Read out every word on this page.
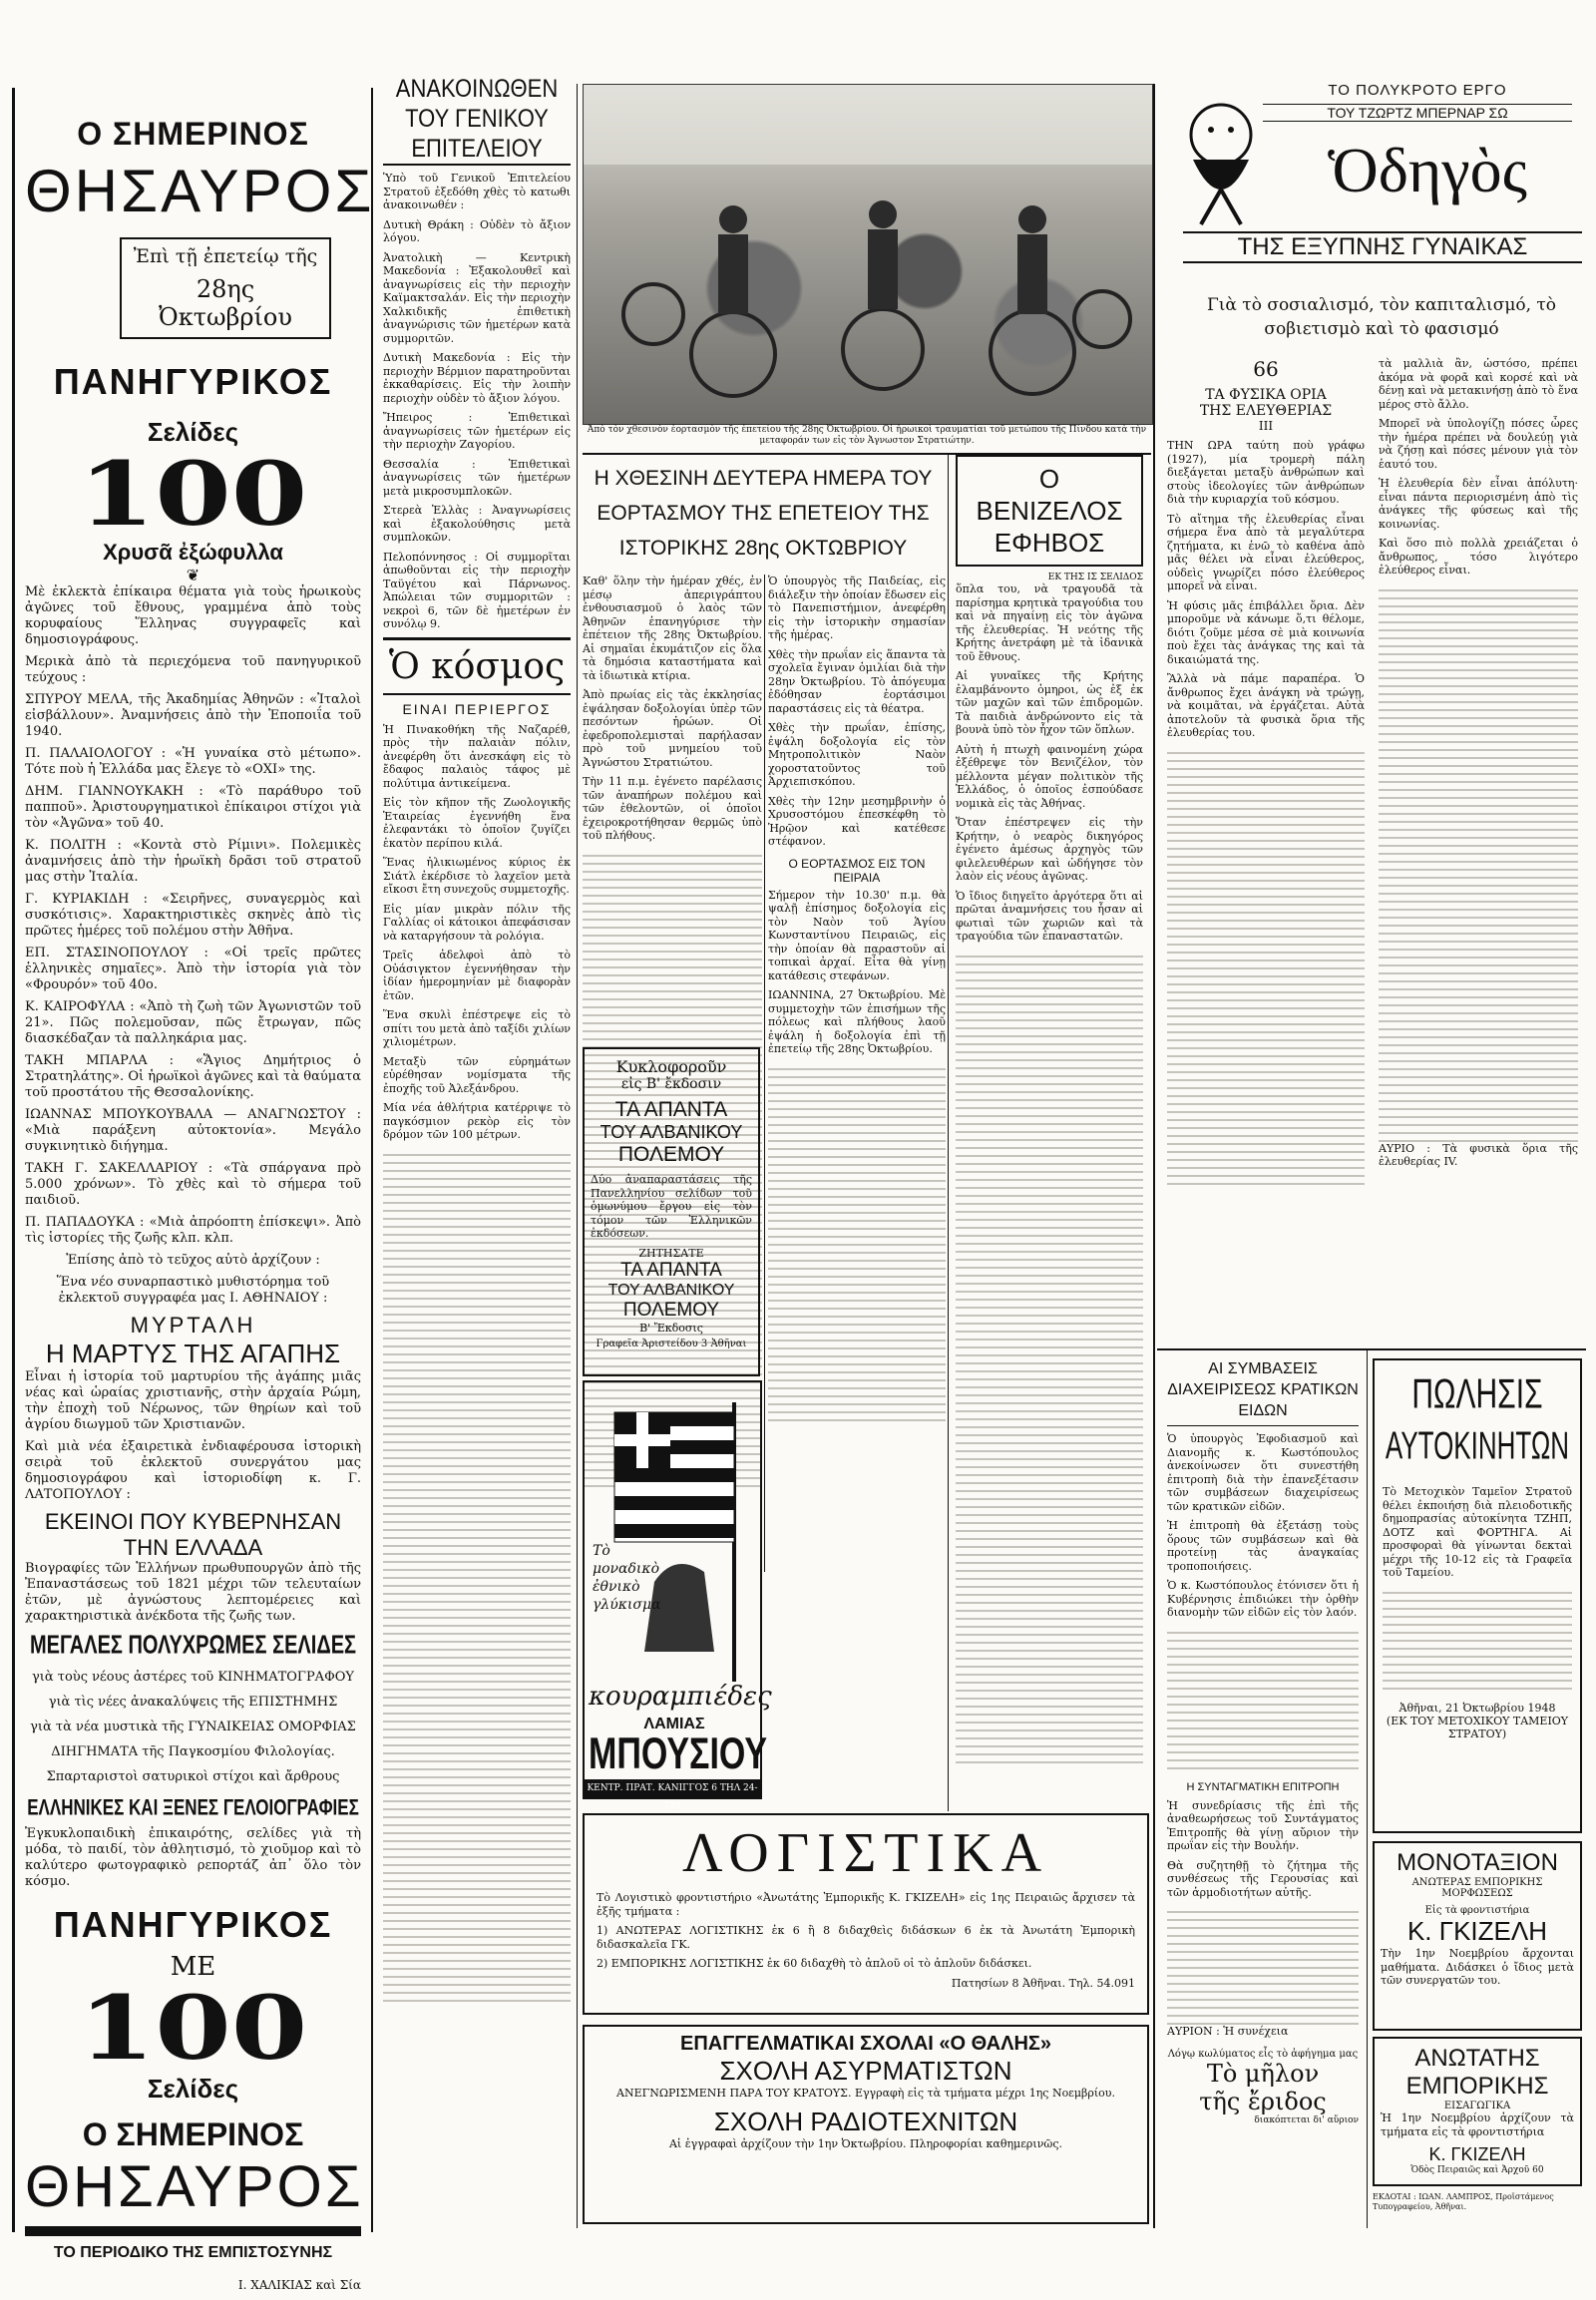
Ο ΣΗΜΕΡΙΝΟΣ
ΘΗΣΑΥΡΟΣ
Ἐπὶ τῇ ἐπετείῳ τῆς
28ης Ὀκτωβρίου
ΠΑΝΗΓΥΡΙΚΟΣ
Σελίδες
100
Χρυσᾶ ἐξώφυλλα
❦

Μὲ ἐκλεκτὰ ἐπίκαιρα θέματα γιὰ τοὺς ἡρωικοὺς ἀγῶνες τοῦ ἔθνους, γραμμένα ἀπὸ τοὺς κορυφαίους Ἕλληνας συγγραφεῖς καὶ δημοσιογράφους.

Μερικὰ ἀπὸ τὰ περιεχόμενα τοῦ πανηγυρικοῦ τεύχους :

ΣΠΥΡΟΥ ΜΕΛΑ, τῆς Ἀκαδημίας Ἀθηνῶν : «Ἰταλοὶ εἰσβάλλουν». Ἀναμνήσεις ἀπὸ τὴν Ἐποποιΐα τοῦ 1940.

Π. ΠΑΛΑΙΟΛΟΓΟΥ : «Ἡ γυναίκα στὸ μέτωπο». Τότε ποὺ ἡ Ἑλλάδα μας ἔλεγε τὸ «ΟΧΙ» της.

ΔΗΜ. ΓΙΑΝΝΟΥΚΑΚΗ : «Τὸ παράθυρο τοῦ παπποῦ». Ἀριστουργηματικοὶ ἐπίκαιροι στίχοι γιὰ τὸν «Ἀγῶνα» τοῦ 40.

Κ. ΠΟΛΙΤΗ : «Κοντὰ στὸ Ρίμινι». Πολεμικὲς ἀναμνήσεις ἀπὸ τὴν ἡρωϊκὴ δρᾶσι τοῦ στρατοῦ μας στὴν Ἰταλία.

Γ. ΚΥΡΙΑΚΙΔΗ : «Σειρῆνες, συναγερμὸς καὶ συσκότισις». Χαρακτηριστικὲς σκηνὲς ἀπὸ τὶς πρῶτες ἡμέρες τοῦ πολέμου στὴν Ἀθῆνα.

ΕΠ. ΣΤΑΣΙΝΟΠΟΥΛΟΥ : «Οἱ τρεῖς πρῶτες ἑλληνικὲς σημαῖες». Ἀπὸ τὴν ἱστορία γιὰ τὸν «Φρουρόν» τοῦ 40ο.

Κ. ΚΑΙΡΟΦΥΛΑ : «Ἀπὸ τὴ ζωὴ τῶν Ἀγωνιστῶν τοῦ 21». Πῶς πολεμοῦσαν, πῶς ἔτρωγαν, πῶς διασκέδαζαν τὰ παλληκάρια μας.

ΤΑΚΗ ΜΠΑΡΛΑ : «Ἅγιος Δημήτριος ὁ Στρατηλάτης». Οἱ ἡρωϊκοὶ ἀγῶνες καὶ τὰ θαύματα τοῦ προστάτου τῆς Θεσσαλονίκης.

ΙΩΑΝΝΑΣ ΜΠΟΥΚΟΥΒΑΛΑ — ΑΝΑΓΝΩΣΤΟΥ : «Μιὰ παράξενη αὐτοκτονία». Μεγάλο συγκινητικὸ διήγημα.

ΤΑΚΗ Γ. ΣΑΚΕΛΛΑΡΙΟΥ : «Τὰ σπάργανα πρὸ 5.000 χρόνων». Τὸ χθὲς καὶ τὸ σήμερα τοῦ παιδιοῦ.

Π. ΠΑΠΑΔΟΥΚΑ : «Μιὰ ἀπρόοπτη ἐπίσκεψι». Ἀπὸ τὶς ἱστορίες τῆς ζωῆς κλπ. κλπ.

Ἐπίσης ἀπὸ τὸ τεῦχος αὐτὸ ἀρχίζουν :

Ἕνα νέο συναρπαστικὸ μυθιστόρημα τοῦ ἐκλεκτοῦ συγγραφέα μας Ι. ΑΘΗΝΑΙΟΥ :

ΜΥΡΤΑΛΗ
Η ΜΑΡΤΥΣ ΤΗΣ ΑΓΑΠΗΣ

Εἶναι ἡ ἱστορία τοῦ μαρτυρίου τῆς ἀγάπης μιᾶς νέας καὶ ὡραίας χριστιανῆς, στὴν ἀρχαία Ρώμη, τὴν ἐποχὴ τοῦ Νέρωνος, τῶν θηρίων καὶ τοῦ ἀγρίου διωγμοῦ τῶν Χριστιανῶν.

Καὶ μιὰ νέα ἐξαιρετικὰ ἐνδιαφέρουσα ἱστορικὴ σειρὰ τοῦ ἐκλεκτοῦ συνεργάτου μας δημοσιογράφου καὶ ἱστοριοδίφη κ. Γ. ΛΑΤΟΠΟΥΛΟΥ :

ΕΚΕΙΝΟΙ ΠΟΥ ΚΥΒΕΡΝΗΣΑΝ ΤΗΝ ΕΛΛΑΔΑ

Βιογραφίες τῶν Ἑλλήνων πρωθυπουργῶν ἀπὸ τῆς Ἐπαναστάσεως τοῦ 1821 μέχρι τῶν τελευταίων ἐτῶν, μὲ ἀγνώστους λεπτομέρειες καὶ χαρακτηριστικὰ ἀνέκδοτα τῆς ζωῆς των.

ΜΕΓΑΛΕΣ ΠΟΛΥΧΡΩΜΕΣ ΣΕΛΙΔΕΣ

γιὰ τοὺς νέους ἀστέρες τοῦ ΚΙΝΗΜΑΤΟΓΡΑΦΟΥ

γιὰ τὶς νέες ἀνακαλύψεις τῆς ΕΠΙΣΤΗΜΗΣ

γιὰ τὰ νέα μυστικὰ τῆς ΓΥΝΑΙΚΕΙΑΣ ΟΜΟΡΦΙΑΣ

ΔΙΗΓΗΜΑΤΑ τῆς Παγκοσμίου Φιλολογίας.

Σπαρταριστοὶ σατυρικοὶ στίχοι καὶ ἄρθρους

ΕΛΛΗΝΙΚΕΣ ΚΑΙ ΞΕΝΕΣ ΓΕΛΟΙΟΓΡΑΦΙΕΣ

Ἐγκυκλοπαιδικὴ ἐπικαιρότης, σελίδες γιὰ τὴ μόδα, τὸ παιδί, τὸν ἀθλητισμό, τὸ χιοῦμορ καὶ τὸ καλύτερο φωτογραφικὸ ρεπορτάζ ἀπ᾽ ὅλο τὸν κόσμο.

ΠΑΝΗΓΥΡΙΚΟΣ
ΜΕ
100
Σελίδες
Ο ΣΗΜΕΡΙΝΟΣ
ΘΗΣΑΥΡΟΣ
ΤΟ ΠΕΡΙΟΔΙΚΟ ΤΗΣ ΕΜΠΙΣΤΟΣΥΝΗΣ
Ι. ΧΑΛΙΚΙΑΣ καὶ Σία
ΑΝΑΚΟΙΝΩΘΕΝ ΤΟΥ ΓΕΝΙΚΟΥ ΕΠΙΤΕΛΕΙΟΥ

Ὑπὸ τοῦ Γενικοῦ Ἐπιτελείου Στρατοῦ ἐξεδόθη χθὲς τὸ κατωθι ἀνακοινωθέν :

Δυτικὴ Θράκη : Οὐδὲν τὸ ἄξιον λόγου.

Ἀνατολικὴ — Κεντρικὴ Μακεδονία : Ἐξακολουθεῖ καὶ ἀναγνωρίσεις εἰς τὴν περιοχὴν Καϊμακτσαλάν. Εἰς τὴν περιοχὴν Χαλκιδικῆς ἐπιθετικὴ ἀναγνώρισις τῶν ἡμετέρων κατὰ συμμοριτῶν.

Δυτικὴ Μακεδονία : Εἰς τὴν περιοχὴν Βέρμιον παρατηροῦνται ἐκκαθαρίσεις. Εἰς τὴν λοιπὴν περιοχὴν οὐδὲν τὸ ἄξιον λόγου.

Ἤπειρος : Ἐπιθετικαὶ ἀναγνωρίσεις τῶν ἡμετέρων εἰς τὴν περιοχὴν Ζαγορίου.

Θεσσαλία : Ἐπιθετικαὶ ἀναγνωρίσεις τῶν ἡμετέρων μετὰ μικροσυμπλοκῶν.

Στερεὰ Ἑλλὰς : Ἀναγνωρίσεις καὶ ἐξακολούθησις μετὰ συμπλοκῶν.

Πελοπόννησος : Οἱ συμμορῖται ἀπωθοῦνται εἰς τὴν περιοχὴν Ταϋγέτου καὶ Πάρνωνος. Ἀπώλειαι τῶν συμμοριτῶν : νεκροὶ 6, τῶν δὲ ἡμετέρων ἐν συνόλῳ 9.

Ὁ κόσμος
ΕΙΝΑΙ ΠΕΡΙΕΡΓΟΣ

Ἡ Πινακοθήκη τῆς Ναζαρέθ, πρὸς τὴν παλαιὰν πόλιν, ἀνεφέρθη ὅτι ἀνεσκάφη εἰς τὸ ἔδαφος παλαιὸς τάφος μὲ πολύτιμα ἀντικείμενα.

Εἰς τὸν κῆπον τῆς Ζωολογικῆς Ἑταιρείας ἐγεννήθη ἕνα ἐλεφαντάκι τὸ ὁποῖον ζυγίζει ἑκατὸν περίπου κιλά.

Ἕνας ἠλικιωμένος κύριος ἐκ Σιάτλ ἐκέρδισε τὸ λαχεῖον μετὰ εἴκοσι ἔτη συνεχοῦς συμμετοχῆς.

Εἰς μίαν μικρὰν πόλιν τῆς Γαλλίας οἱ κάτοικοι ἀπεφάσισαν νὰ καταργήσουν τὰ ρολόγια.

Τρεῖς ἀδελφοὶ ἀπὸ τὸ Οὐάσιγκτον ἐγεννήθησαν τὴν ἰδίαν ἡμερομηνίαν μὲ διαφορὰν ἐτῶν.

Ἕνα σκυλὶ ἐπέστρεψε εἰς τὸ σπίτι του μετὰ ἀπὸ ταξίδι χιλίων χιλιομέτρων.

Μεταξὺ τῶν εὑρημάτων εὑρέθησαν νομίσματα τῆς ἐποχῆς τοῦ Ἀλεξάνδρου.

Μία νέα ἀθλήτρια κατέρριψε τὸ παγκόσμιον ρεκὸρ εἰς τὸν δρόμον τῶν 100 μέτρων.

Ἀπὸ τὸν χθεσινὸν ἑορτασμὸν τῆς ἐπετείου τῆς 28ης Ὀκτωβρίου. Οἱ ἡρωικοὶ τραυματίαι τοῦ μετώπου τῆς Πίνδου κατὰ τὴν μεταφοράν των εἰς τὸν Ἀγνωστον Στρατιώτην.
Η ΧΘΕΣΙΝΗ ΔΕΥΤΕΡΑ ΗΜΕΡΑ ΤΟΥ ΕΟΡΤΑΣΜΟΥ ΤΗΣ ΕΠΕΤΕΙΟΥ ΤΗΣ ΙΣΤΟΡΙΚΗΣ 28ης ΟΚΤΩΒΡΙΟΥ

Καθ' ὅλην τὴν ἡμέραν χθές, ἐν μέσῳ ἀπεριγράπτου ἐνθουσιασμοῦ ὁ λαὸς τῶν Ἀθηνῶν ἐπανηγύρισε τὴν ἐπέτειον τῆς 28ης Ὀκτωβρίου. Αἱ σημαῖαι ἐκυμάτιζον εἰς ὅλα τὰ δημόσια καταστήματα καὶ τὰ ἰδιωτικὰ κτίρια.

Ἀπὸ πρωίας εἰς τὰς ἐκκλησίας ἐψάλησαν δοξολογίαι ὑπὲρ τῶν πεσόντων ἡρώων. Οἱ ἐφεδροπολεμισταὶ παρήλασαν πρὸ τοῦ μνημείου τοῦ Ἀγνώστου Στρατιώτου.

Τὴν 11 π.μ. ἐγένετο παρέλασις τῶν ἀναπήρων πολέμου καὶ τῶν ἐθελοντῶν, οἱ ὁποῖοι ἐχειροκροτήθησαν θερμῶς ὑπὸ τοῦ πλήθους.

Ὁ ὑπουργὸς τῆς Παιδείας, εἰς διάλεξιν τὴν ὁποίαν ἔδωσεν εἰς τὸ Πανεπιστήμιον, ἀνεφέρθη εἰς τὴν ἱστορικὴν σημασίαν τῆς ἡμέρας.

Χθὲς τὴν πρωΐαν εἰς ἅπαντα τὰ σχολεῖα ἔγιναν ὁμιλίαι διὰ τὴν 28ην Ὀκτωβρίου. Τὸ ἀπόγευμα ἐδόθησαν ἑορτάσιμοι παραστάσεις εἰς τὰ θέατρα.

Χθὲς τὴν πρωΐαν, ἐπίσης, ἐψάλη δοξολογία εἰς τὸν Μητροπολιτικὸν Ναὸν χοροστατοῦντος τοῦ Ἀρχιεπισκόπου.

Χθὲς τὴν 12ην μεσημβρινὴν ὁ Χρυσοστόμου ἐπεσκέφθη τὸ Ἡρῷον καὶ κατέθεσε στέφανον.

Ο ΕΟΡΤΑΣΜΟΣ ΕΙΣ ΤΟΝ ΠΕΙΡΑΙΑ

Σήμερον τὴν 10.30' π.μ. θὰ ψαλῇ ἐπίσημος δοξολογία εἰς τὸν Ναὸν τοῦ Ἁγίου Κωνσταντίνου Πειραιῶς, εἰς τὴν ὁποίαν θὰ παραστοῦν αἱ τοπικαὶ ἀρχαί. Εἶτα θὰ γίνῃ κατάθεσις στεφάνων.

ΙΩΑΝΝΙΝΑ, 27 Ὀκτωβρίου. Μὲ συμμετοχὴν τῶν ἐπισήμων τῆς πόλεως καὶ πλήθους λαοῦ ἐψάλη ἡ δοξολογία ἐπὶ τῇ ἐπετείῳ τῆς 28ης Ὀκτωβρίου.

Κυκλοφοροῦν
εἰς Β' ἔκδοσιν
ΤΑ ΑΠΑΝΤΑ
ΤΟΥ ΑΛΒΑΝΙΚΟΥ
ΠΟΛΕΜΟΥ

Δύο ἀναπαραστάσεις τῆς Πανελληνίου σελίδων τοῦ ὁμωνύμου ἔργου εἰς τὸν τόμον τῶν Ἑλληνικῶν ἐκδόσεων.

ΖΗΤΗΣΑΤΕ
ΤΑ ΑΠΑΝΤΑ
ΤΟΥ ΑΛΒΑΝΙΚΟΥ
ΠΟΛΕΜΟΥ
Β' Ἔκδοσις
Γραφεῖα Ἀριστείδου 3 Ἀθῆναι
Τὸ μοναδικὸ ἐθνικὸ γλύκισμα
κουραμπιέδες
ΛΑΜΙΑΣ
ΜΠΟΥΣΙΟΥ
ΚΕΝΤΡ. ΠΡΑΤ. ΚΑΝΙΓΓΟΣ 6 ΤΗΛ 24-739
ΛΟΓΙΣΤΙΚΑ

Τὸ Λογιστικὸ φροντιστήριο «Ἀνωτάτης Ἐμπορικῆς Κ. ΓΚΙΖΕΛΗ» εἰς 1ης Πειραιῶς ἄρχισεν τὰ ἑξῆς τμήματα :

1) ΑΝΩΤΕΡΑΣ ΛΟΓΙΣΤΙΚΗΣ ἐκ 6 ἢ 8 διδαχθεὶς διδάσκων 6 ἐκ τὰ Ἀνωτάτη Ἐμπορικὴ διδασκαλεῖα ΓΚ.

2) ΕΜΠΟΡΙΚΗΣ ΛΟΓΙΣΤΙΚΗΣ ἐκ 60 διδαχθὴ τὸ ἀπλοῦ οἱ τὸ ἀπλοῦν διδάσκει.

Πατησίων 8 Ἀθῆναι. Τηλ. 54.091
ΕΠΑΓΓΕΛΜΑΤΙΚΑΙ ΣΧΟΛΑΙ «Ο ΘΑΛΗΣ»
ΣΧΟΛΗ ΑΣΥΡΜΑΤΙΣΤΩΝ

ΑΝΕΓΝΩΡΙΣΜΕΝΗ ΠΑΡΑ ΤΟΥ ΚΡΑΤΟΥΣ. Εγγραφὴ εἰς τὰ τμήματα μέχρι 1ης Νοεμβρίου.

ΣΧΟΛΗ ΡΑΔΙΟΤΕΧΝΙΤΩΝ

Αἱ ἐγγραφαὶ ἀρχίζουν τὴν 1ην Ὀκτωβρίου. Πληροφορίαι καθημερινῶς.

Ο ΒΕΝΙΖΕΛΟΣ ΕΦΗΒΟΣ
ΕΚ ΤΗΣ ΙΣ ΣΕΛΙΔΟΣ

ὅπλα του, νὰ τραγουδᾶ τὰ παρίσημα κρητικὰ τραγούδια του καὶ νὰ πηγαίνῃ εἰς τὸν ἀγῶνα τῆς ἐλευθερίας. Ἡ νεότης τῆς Κρήτης ἀνετράφη μὲ τὰ ἰδανικὰ τοῦ ἔθνους.

Αἱ γυναῖκες τῆς Κρήτης ἐλαμβάνοντο ὁμηροι, ὡς ἐξ ἐκ τῶν μαχῶν καὶ τῶν ἐπιδρομῶν. Τὰ παιδιὰ ἀνδρώνοντο εἰς τὰ βουνὰ ὑπὸ τὸν ἦχον τῶν ὅπλων.

Αὐτὴ ἡ πτωχὴ φαινομένη χώρα ἐξέθρεψε τὸν Βενιζέλον, τὸν μέλλοντα μέγαν πολιτικὸν τῆς Ἑλλάδος, ὁ ὁποῖος ἐσπούδασε νομικὰ εἰς τὰς Ἀθήνας.

Ὅταν ἐπέστρεψεν εἰς τὴν Κρήτην, ὁ νεαρὸς δικηγόρος ἐγένετο ἀμέσως ἀρχηγὸς τῶν φιλελευθέρων καὶ ὡδήγησε τὸν λαὸν εἰς νέους ἀγῶνας.

Ὁ ἴδιος διηγεῖτο ἀργότερα ὅτι αἱ πρῶται ἀναμνήσεις του ἦσαν αἱ φωτιαὶ τῶν χωριῶν καὶ τὰ τραγούδια τῶν ἐπαναστατῶν.

ΤΟ ΠΟΛΥΚΡΟΤΟ ΕΡΓΟ
ΤΟΥ ΤΖΩΡΤΖ ΜΠΕΡΝΑΡ ΣΩ
Ὁδηγὸς
ΤΗΣ ΕΞΥΠΝΗΣ ΓΥΝΑΙΚΑΣ
Γιὰ τὸ σοσιαλισμό, τὸν καπιταλισμό, τὸ σοβιετισμὸ καὶ τὸ φασισμό
66
ΤΑ ΦΥΣΙΚΑ ΟΡΙΑ
ΤΗΣ ΕΛΕΥΘΕΡΙΑΣ
ΙΙΙ

ΤΗΝ ΩΡΑ ταύτη ποὺ γράφω (1927), μία τρομερὴ πάλη διεξάγεται μεταξὺ ἀνθρώπων καὶ στοὺς ἰδεολογίες τῶν ἀνθρώπων διὰ τὴν κυριαρχία τοῦ κόσμου.

Τὸ αἴτημα τῆς ἐλευθερίας εἶναι σήμερα ἕνα ἀπὸ τὰ μεγαλύτερα ζητήματα, κι ἐνῶ τὸ καθένα ἀπὸ μᾶς θέλει νὰ εἶναι ἐλεύθερος, οὐδεὶς γνωρίζει πόσο ἐλεύθερος μπορεῖ νὰ εἶναι.

Ἡ φύσις μᾶς ἐπιβάλλει ὅρια. Δὲν μποροῦμε νὰ κάνωμε ὅ,τι θέλομε, διότι ζοῦμε μέσα σὲ μιὰ κοινωνία ποὺ ἔχει τὰς ἀνάγκας της καὶ τὰ δικαιώματά της.

Ἂλλὰ νὰ πάμε παραπέρα. Ὁ ἄνθρωπος ἔχει ἀνάγκη νὰ τρώγῃ, νὰ κοιμᾶται, νὰ ἐργάζεται. Αὐτὰ ἀποτελοῦν τὰ φυσικὰ ὅρια τῆς ἐλευθερίας του.

τὰ μαλλιὰ ἂν, ὡστόσο, πρέπει ἀκόμα νὰ φορᾶ καὶ κορσέ καὶ νὰ δένῃ καὶ νὰ μετακινήσῃ ἀπὸ τὸ ἕνα μέρος στὸ ἄλλο.

Μπορεῖ νὰ ὑπολογίζῃ πόσες ὧρες τὴν ἡμέρα πρέπει νὰ δουλεύῃ γιὰ νὰ ζήσῃ καὶ πόσες μένουν γιὰ τὸν ἑαυτό του.

Ἡ ἐλευθερία δὲν εἶναι ἀπόλυτη· εἶναι πάντα περιορισμένη ἀπὸ τὶς ἀνάγκες τῆς φύσεως καὶ τῆς κοινωνίας.

Καὶ ὅσο πιὸ πολλὰ χρειάζεται ὁ ἄνθρωπος, τόσο λιγότερο ἐλεύθερος εἶναι.

ΑΥΡΙΟ : Τὰ φυσικὰ ὅρια τῆς ἐλευθερίας IV.

ΑΙ ΣΥΜΒΑΣΕΙΣ ΔΙΑΧΕΙΡΙΣΕΩΣ ΚΡΑΤΙΚΩΝ ΕΙΔΩΝ

Ὁ ὑπουργὸς Ἐφοδιασμοῦ καὶ Διανομῆς κ. Κωστόπουλος ἀνεκοίνωσεν ὅτι συνεστήθη ἐπιτροπὴ διὰ τὴν ἐπανεξέτασιν τῶν συμβάσεων διαχειρίσεως τῶν κρατικῶν εἰδῶν.

Ἡ ἐπιτροπὴ θὰ ἐξετάσῃ τοὺς ὅρους τῶν συμβάσεων καὶ θὰ προτείνῃ τὰς ἀναγκαίας τροποποιήσεις.

Ὁ κ. Κωστόπουλος ἐτόνισεν ὅτι ἡ Κυβέρνησις ἐπιδιώκει τὴν ὀρθὴν διανομὴν τῶν εἰδῶν εἰς τὸν λαόν.

Η ΣΥΝΤΑΓΜΑΤΙΚΗ ΕΠΙΤΡΟΠΗ

Ἡ συνεδρίασις τῆς ἐπὶ τῆς ἀναθεωρήσεως τοῦ Συντάγματος Ἐπιτροπῆς θὰ γίνῃ αὔριον τὴν πρωΐαν εἰς τὴν Βουλήν.

Θὰ συζητηθῇ τὸ ζήτημα τῆς συνθέσεως τῆς Γερουσίας καὶ τῶν ἁρμοδιοτήτων αὐτῆς.

ΑΥΡΙΟΝ : Ἡ συνέχεια

Λόγῳ κωλύματος εἶς τὸ ἀφήγημα μας
Τὸ μῆλον
τῆς ἔριδος
διακόπτεται δι' αὔριον
ΠΩΛΗΣΙΣ
ΑΥΤΟΚΙΝΗΤΩΝ

Τὸ Μετοχικὸν Ταμεῖον Στρατοῦ θέλει ἐκποιήσῃ διὰ πλειοδοτικῆς δημοπρασίας αὐτοκίνητα ΤΖΗΠ, ΔΟΤΖ καὶ ΦΟΡΤΗΓΑ. Αἱ προσφοραὶ θὰ γίνωνται δεκταὶ μέχρι τῆς 10-12 εἰς τὰ Γραφεῖα τοῦ Ταμείου.

Ἀθῆναι, 21 Ὀκτωβρίου 1948
(ΕΚ ΤΟΥ ΜΕΤΟΧΙΚΟΥ ΤΑΜΕΙΟΥ ΣΤΡΑΤΟΥ)
ΜΟΝΟΤΑΞΙΟΝ
ΑΝΩΤΕΡΑΣ ΕΜΠΟΡΙΚΗΣ ΜΟΡΦΩΣΕΩΣ
Εἰς τὰ φροντιστήρια
Κ. ΓΚΙΖΕΛΗ

Τὴν 1ην Νοεμβρίου ἄρχονται μαθήματα. Διδάσκει ὁ ἴδιος μετὰ τῶν συνεργατῶν του.

ΑΝΩΤΑΤΗΣ
ΕΜΠΟΡΙΚΗΣ
ΕΙΣΑΓΩΓΙΚΑ

Ἡ 1ην Νοεμβρίου ἀρχίζουν τὰ τμήματα εἰς τὰ φροντιστήρια

Κ. ΓΚΙΖΕΛΗ
Ὁδὸς Πειραιῶς καὶ Ἀρχοῦ 60
ΕΚΔΟΤΑΙ : ΙΩΑΝ. ΛΑΜΠΡΟΣ, Προϊστάμενος Τυπογραφείου, Ἀθῆναι.
